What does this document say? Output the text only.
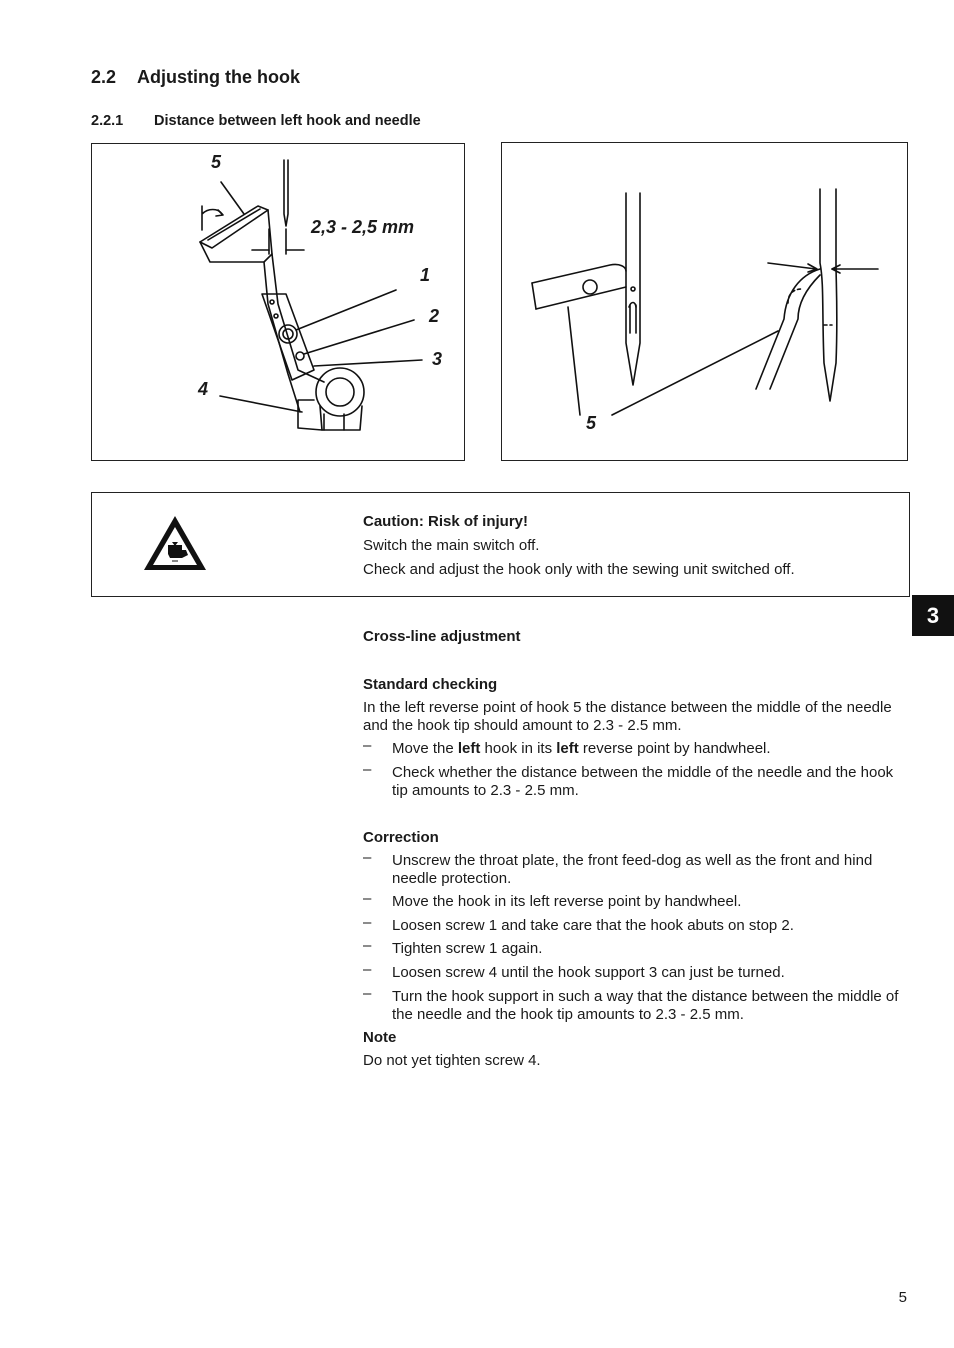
2.2 Adjusting the hook
2.2.1 Distance between left hook and needle
5
2,3 - 2,5 mm
1
2
3
4
5
Caution: Risk of injury!
Switch the main switch off.
Check and adjust the hook only with the sewing unit switched off.
3
Cross-line adjustment
Standard checking
In the left reverse point of hook 5 the distance between the middle of the needle and the hook tip should amount to 2.3 - 2.5 mm.
– Move the left hook in its left reverse point by handwheel.
– Check whether the distance between the middle of the needle and the hook tip amounts to 2.3 - 2.5 mm.
Correction
– Unscrew the throat plate, the front feed-dog as well as the front and hind needle protection.
– Move the hook in its left reverse point by handwheel.
– Loosen screw 1 and take care that the hook abuts on stop 2.
– Tighten screw 1 again.
– Loosen screw 4 until the hook support 3 can just be turned.
– Turn the hook support in such a way that the distance between the middle of the needle and the hook tip amounts to 2.3 - 2.5 mm.
Note
Do not yet tighten screw 4.
5
